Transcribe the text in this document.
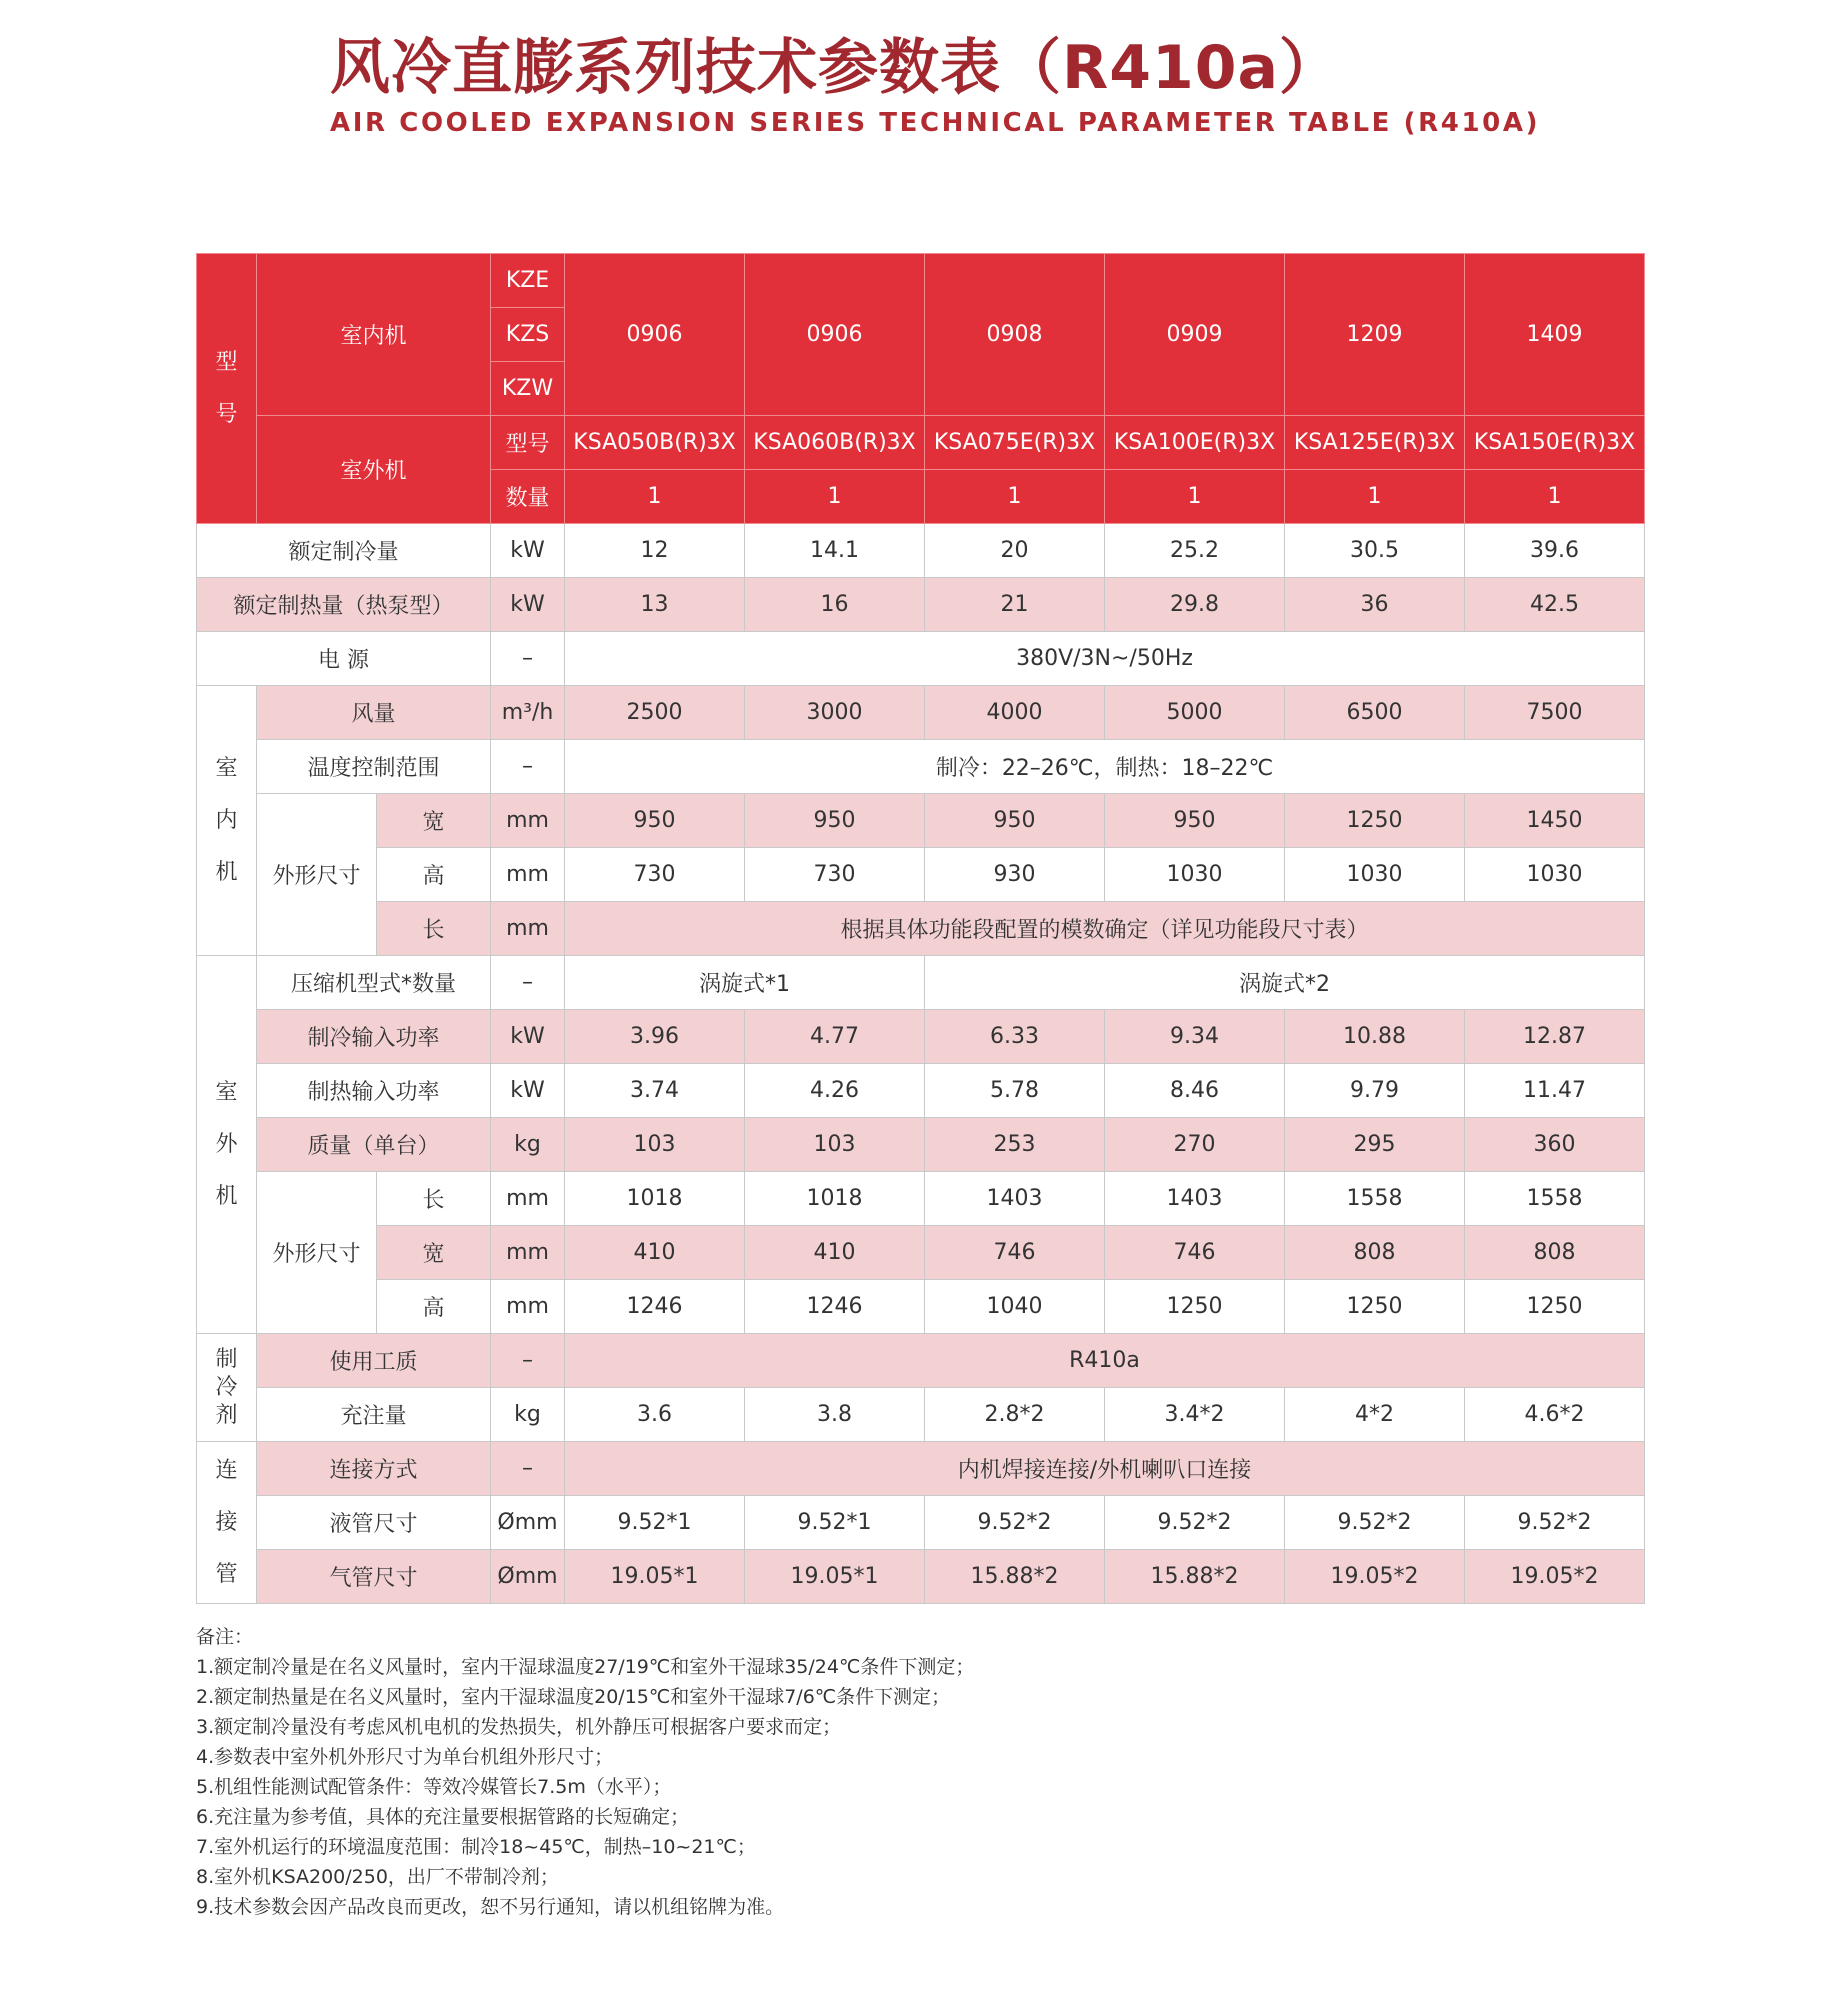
风冷直膨系列技术参数表（R410a）
AIR COOLED EXPANSION SERIES TECHNICAL PARAMETER TABLE (R410A)
型
号	室内机		KZE	0906	0906	0908	0909	1209	1409
			KZS						
			KZW						
	室外机		型号	KSA050B(R)3X	KSA060B(R)3X	KSA075E(R)3X	KSA100E(R)3X	KSA125E(R)3X	KSA150E(R)3X
			数量	1	1	1	1	1	1
额定制冷量			kW	12	14.1	20	25.2	30.5	39.6
额定制热量（热泵型）			kW	13	16	21	29.8	36	42.5
电 源			–	380V/3N~/50Hz					
室
内
机	风量		m³/h	2500	3000	4000	5000	6500	7500
	温度控制范围		–	制冷：22–26℃，制热：18–22℃					
	外形尺寸	宽	mm	950	950	950	950	1250	1450
		高	mm	730	730	930	1030	1030	1030
		长	mm	根据具体功能段配置的模数确定（详见功能段尺寸表）					
室
外
机	压缩机型式*数量		–	涡旋式*1		涡旋式*2			
	制冷输入功率		kW	3.96	4.77	6.33	9.34	10.88	12.87
	制热输入功率		kW	3.74	4.26	5.78	8.46	9.79	11.47
	质量（单台）		kg	103	103	253	270	295	360
	外形尺寸	长	mm	1018	1018	1403	1403	1558	1558
		宽	mm	410	410	746	746	808	808
		高	mm	1246	1246	1040	1250	1250	1250
制
冷
剂	使用工质		–	R410a					
	充注量		kg	3.6	3.8	2.8*2	3.4*2	4*2	4.6*2
连
接
管	连接方式		–	内机焊接连接/外机喇叭口连接					
	液管尺寸		Ømm	9.52*1	9.52*1	9.52*2	9.52*2	9.52*2	9.52*2
	气管尺寸		Ømm	19.05*1	19.05*1	15.88*2	15.88*2	19.05*2	19.05*2
备注：
1.额定制冷量是在名义风量时，室内干湿球温度27/19℃和室外干湿球35/24℃条件下测定；
2.额定制热量是在名义风量时，室内干湿球温度20/15℃和室外干湿球7/6℃条件下测定；
3.额定制冷量没有考虑风机电机的发热损失，机外静压可根据客户要求而定；
4.参数表中室外机外形尺寸为单台机组外形尺寸；
5.机组性能测试配管条件：等效冷媒管长7.5m（水平）；
6.充注量为参考值，具体的充注量要根据管路的长短确定；
7.室外机运行的环境温度范围：制冷18~45℃，制热–10~21℃；
8.室外机KSA200/250，出厂不带制冷剂；
9.技术参数会因产品改良而更改，恕不另行通知，请以机组铭牌为准。
